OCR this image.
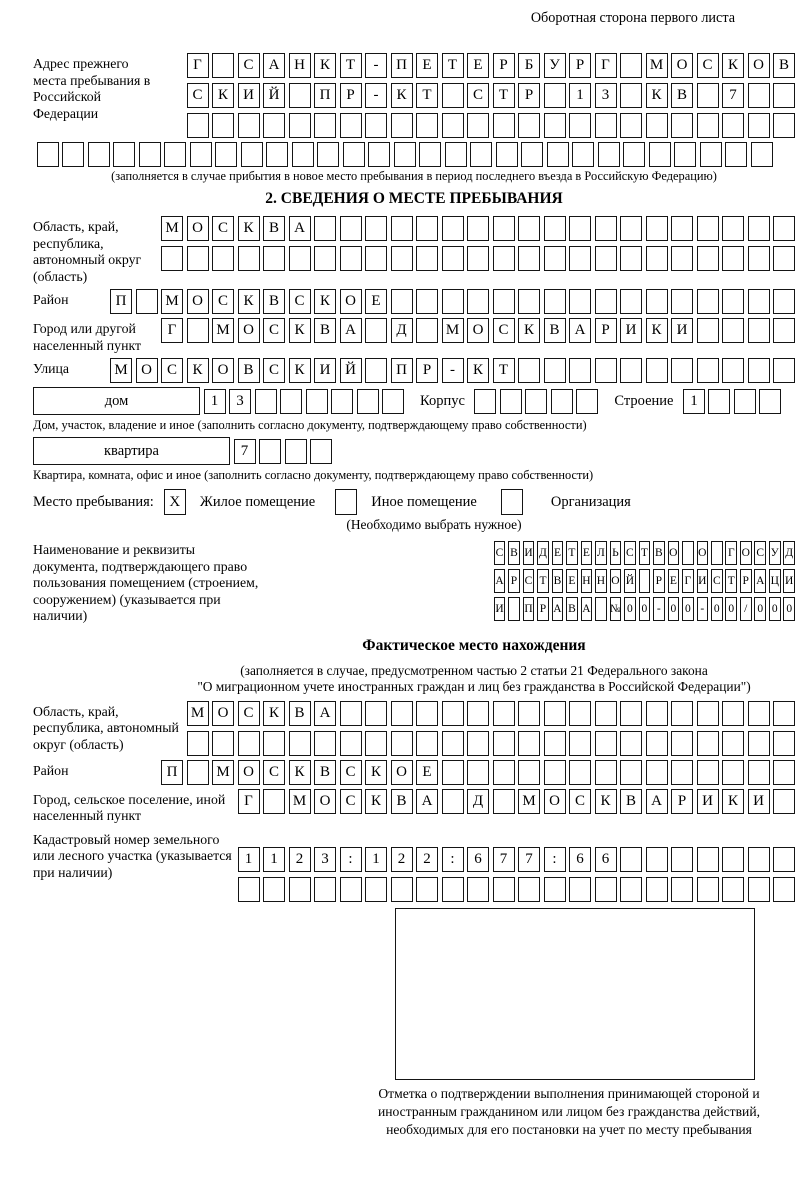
Оборотная сторона первого листа
Адрес прежнего места пребывания в Российской Федерации
Г	С	А Н	К	Т	-	П	Е	Т	Е	Р	Б	У	Р	Г	М О	С	К	О	В
С	К	И Й	П	Р	-	К	Т	С	Т	Р	1	3	К	В	7
(заполняется в случае прибытия в новое место пребывания в период последнего въезда в Российскую Федерацию)
2. СВЕДЕНИЯ О МЕСТЕ ПРЕБЫВАНИЯ
Область, край, республика, автономный округ (область)
М О	С	К	В	А
Район	П	М О	С	К	В	С	К	О	Е
Город или другой населенный пункт
Г	М О	С	К	В	А	Д	М О	С	К	В	А	Р	И	К	И
Улица	М О	С	К	О	В	С	К	И Й	П	Р	-	К	Т
дом	1	3	Корпус	Строение	1
Дом, участок, владение и иное (заполнить согласно документу, подтверждающему право собственности)
квартира	7
Квартира, комната, офис и иное (заполнить согласно документу, подтверждающему право собственности)
Место пребывания:	X	Жилое помещение	Иное помещение	Организация
(Необходимо выбрать нужное)
Наименование и реквизиты документа, подтверждающего право пользования помещением (строением, сооружением) (указывается при наличии)
С В И Д Е Т Е Л Ь С Т В О О Г О С У Д
А Р С Т В Е Н Н О Й Р Е Г И С Т Р А Ц И
И П Р А В А № 0 0 - 0 0 - 0 0 / 0 0 0
Фактическое место нахождения
(заполняется в случае, предусмотренном частью 2 статьи 21 Федерального закона
"О миграционном учете иностранных граждан и лиц без гражданства в Российской Федерации")
Область, край, республика, автономный округ (область)
М О	С	К	В	А
Район	П	М О	С	К	В	С	К	О	Е
Город, сельское поселение, иной населенный пункт
Г	М О	С	К	В	А	Д	М О	С	К	В	А	Р	И	К	И
Кадастровый номер земельного или лесного участка (указывается при наличии)
1	1	2	3	:	1	2	2	:	6	7	7	:	6	6
Отметка о подтверждении выполнения принимающей стороной и иностранным гражданином или лицом без гражданства действий, необходимых для его постановки на учет по месту пребывания
